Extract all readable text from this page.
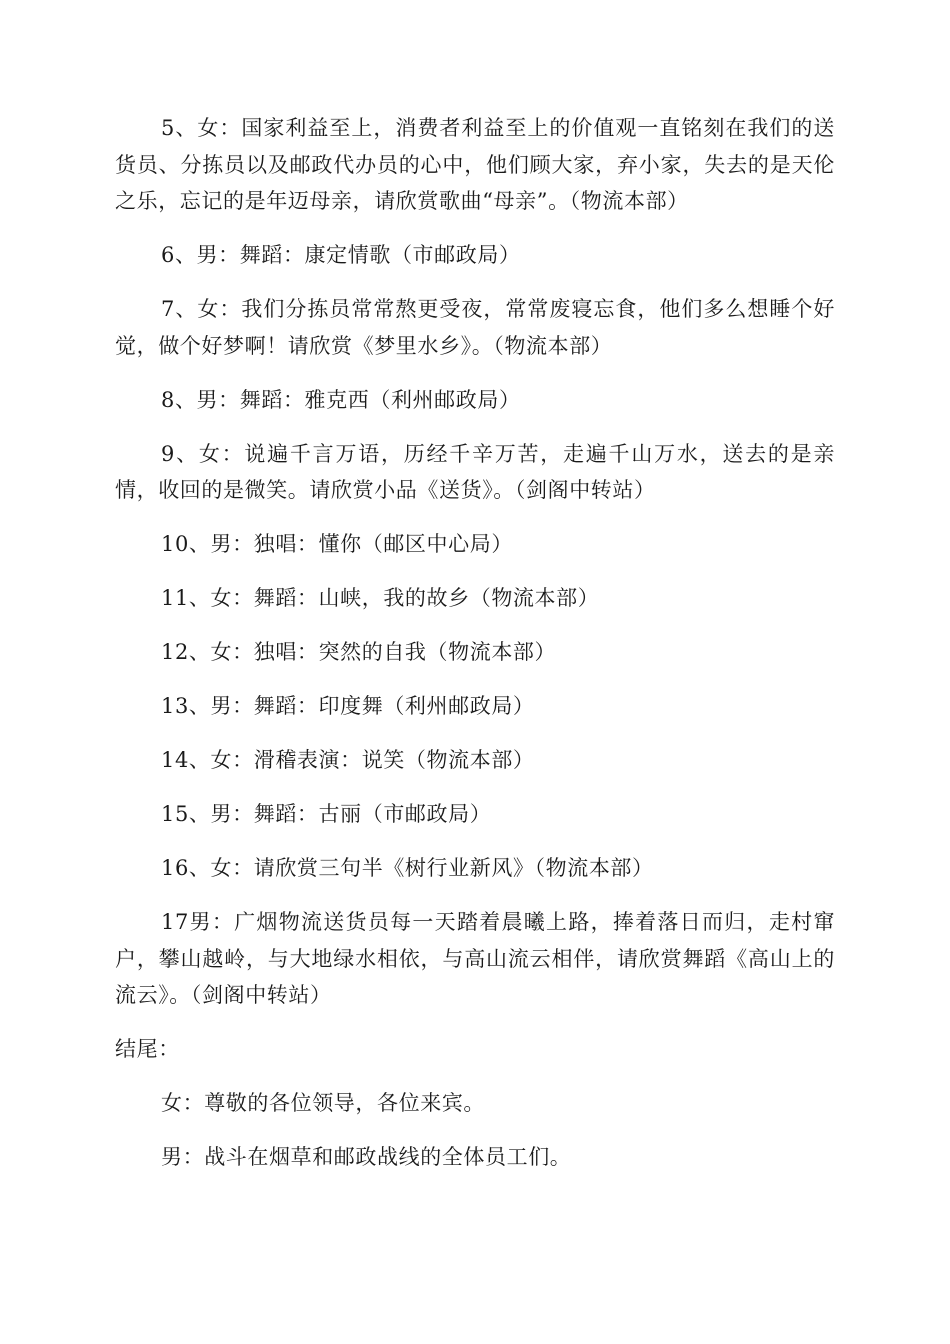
5、女：国家利益至上，消费者利益至上的价值观一直铭刻在我们的送货员、分拣员以及邮政代办员的心中，他们顾大家，弃小家，失去的是天伦之乐，忘记的是年迈母亲，请欣赏歌曲“母亲”。（物流本部）

6、男：舞蹈：康定情歌（市邮政局）

7、女：我们分拣员常常熬更受夜，常常废寝忘食，他们多么想睡个好觉，做个好梦啊！请欣赏《梦里水乡》。（物流本部）

8、男：舞蹈：雅克西（利州邮政局）

9、女：说遍千言万语，历经千辛万苦，走遍千山万水，送去的是亲情，收回的是微笑。请欣赏小品《送货》。（剑阁中转站）

10、男：独唱：懂你（邮区中心局）

11、女：舞蹈：山峡，我的故乡（物流本部）

12、女：独唱：突然的自我（物流本部）

13、男：舞蹈：印度舞（利州邮政局）

14、女：滑稽表演：说笑（物流本部）

15、男：舞蹈：古丽（市邮政局）

16、女：请欣赏三句半《树行业新风》（物流本部）

17男：广烟物流送货员每一天踏着晨曦上路，捧着落日而归，走村窜户，攀山越岭，与大地绿水相依，与高山流云相伴，请欣赏舞蹈《高山上的流云》。（剑阁中转站）

结尾：

女：尊敬的各位领导，各位来宾。

男：战斗在烟草和邮政战线的全体员工们。
